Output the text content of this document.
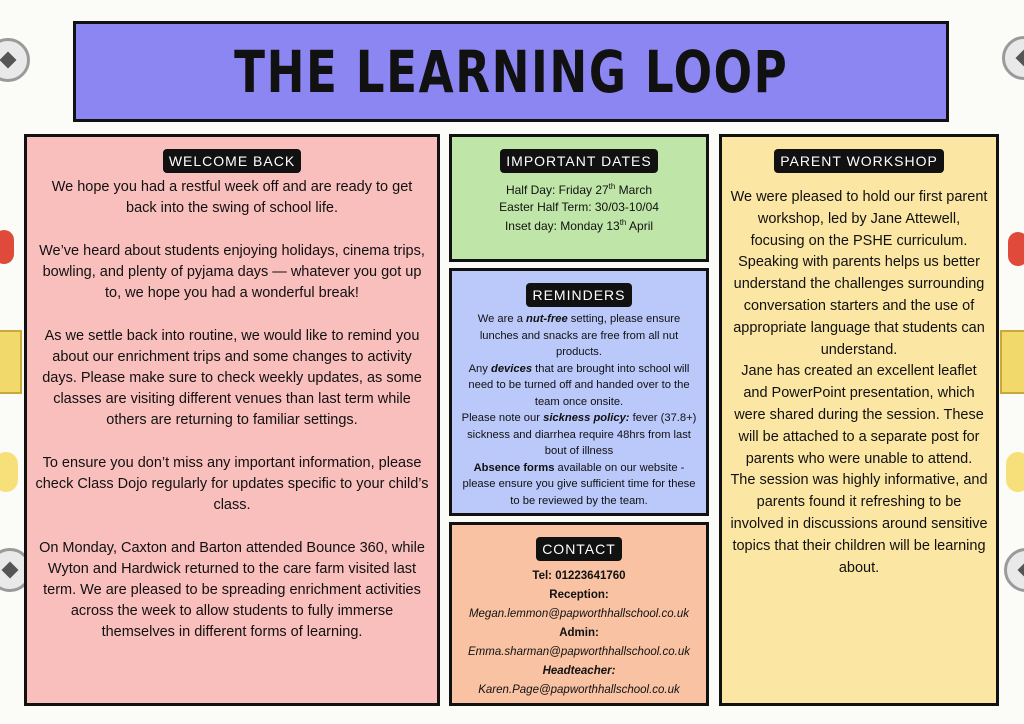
THE LEARNING LOOP
WELCOME BACK

We hope you had a restful week off and are ready to get back into the swing of school life.

We’ve heard about students enjoying holidays, cinema trips, bowling, and plenty of pyjama days — whatever you got up to, we hope you had a wonderful break!

As we settle back into routine, we would like to remind you about our enrichment trips and some changes to activity days. Please make sure to check weekly updates, as some classes are visiting different venues than last term while others are returning to familiar settings.

To ensure you don’t miss any important information, please check Class Dojo regularly for updates specific to your child’s class.

On Monday, Caxton and Barton attended Bounce 360, while Wyton and Hardwick returned to the care farm visited last term. We are pleased to be spreading enrichment activities across the week to allow students to fully immerse themselves in different forms of learning.

IMPORTANT DATES
Half Day: Friday 27th March
Easter Half Term: 30/03-10/04
Inset day: Monday 13th April
REMINDERS
We are a nut-free setting, please ensure lunches and snacks are free from all nut products.
Any devices that are brought into school will need to be turned off and handed over to the team once onsite.
Please note our sickness policy: fever (37.8+) sickness and diarrhea require 48hrs from last bout of illness
Absence forms available on our website - please ensure you give sufficient time for these to be reviewed by the team.
CONTACT
Tel: 01223641760
Reception:
Megan.lemmon@papworthhallschool.co.uk
Admin:
Emma.sharman@papworthhallschool.co.uk
Headteacher:
Karen.Page@papworthhallschool.co.uk
PARENT WORKSHOP
We were pleased to hold our first parent workshop, led by Jane Attewell, focusing on the PSHE curriculum.
Speaking with parents helps us better understand the challenges surrounding conversation starters and the use of appropriate language that students can understand.
Jane has created an excellent leaflet and PowerPoint presentation, which were shared during the session. These will be attached to a separate post for parents who were unable to attend.
The session was highly informative, and parents found it refreshing to be involved in discussions around sensitive topics that their children will be learning about.
